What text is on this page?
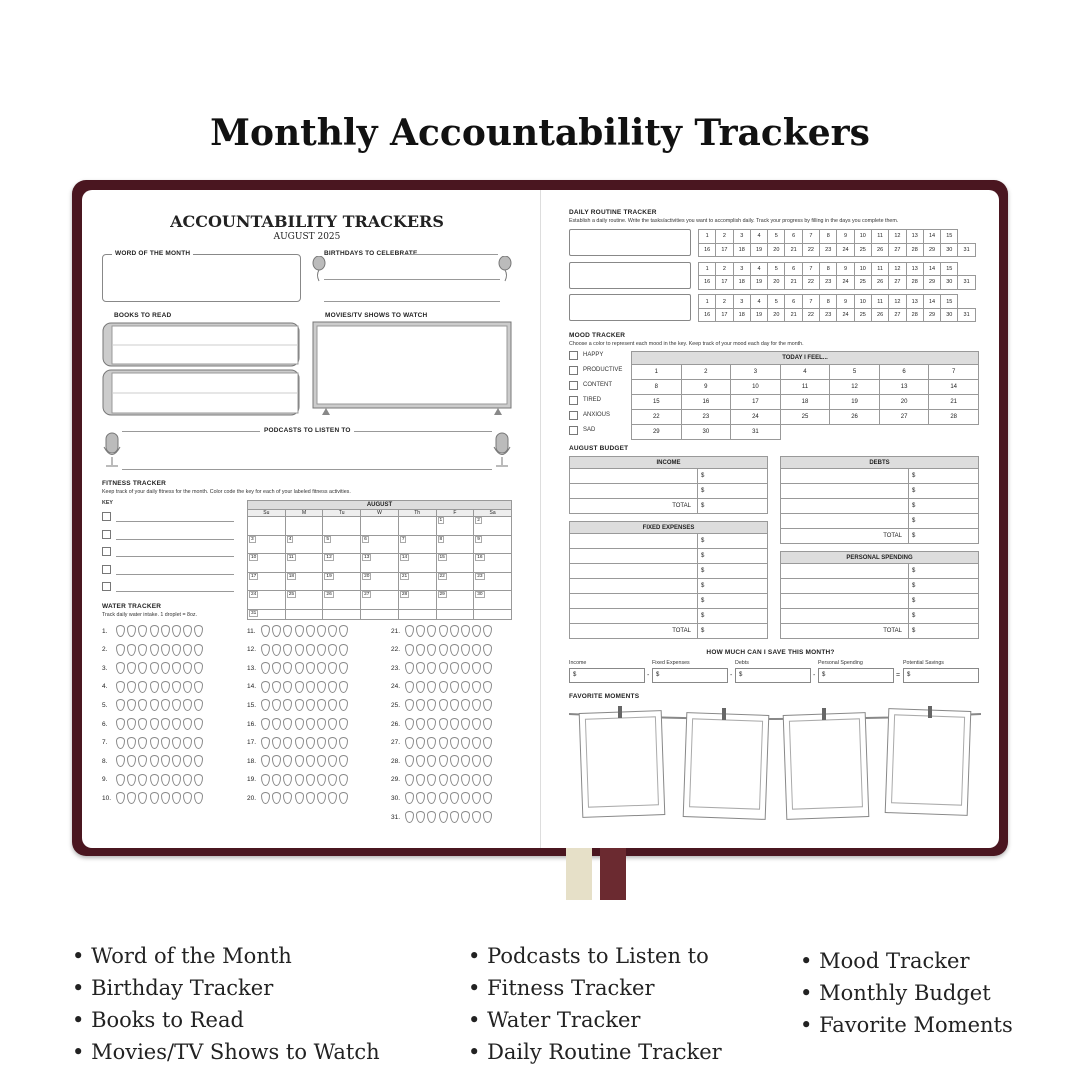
Monthly Accountability Trackers
ACCOUNTABILITY TRACKERS
AUGUST 2025
WORD OF THE MONTH	BIRTHDAYS TO CELEBRATE
BOOKS TO READ	MOVIES/TV SHOWS TO WATCH
PODCASTS TO LISTEN TO
FITNESS TRACKER
Keep track of your daily fitness for the month. Color code the key for each of your labeled fitness activities.
KEY	AUGUST						
Su	M	Tu	W	Th	F	Sa
					1	2
3	4	5	6	7	8	9
10	11	12	13	14	15	16
17	18	19	20	21	22	23
24	25	26	27	28	29	30
31						
WATER TRACKER
Track daily water intake. 1 droplet = 8oz.
1.
2.
3.
4.
5.
6.
7.
8.
9.
10.
11.
12.
13.
14.
15.
16.
17.
18.
19.
20.
21.
22.
23.
24.
25.
26.
27.
28.
29.
30.
31.
DAILY ROUTINE TRACKER
Establish a daily routine. Write the tasks/activities you want to accomplish daily. Track your progress by filling in the days you complete them.
1	2	3	4	5	6	7	8	9	10	11	12	13	14	15	
16	17	18	19	20	21	22	23	24	25	26	27	28	29	30	31
1	2	3	4	5	6	7	8	9	10	11	12	13	14	15	
16	17	18	19	20	21	22	23	24	25	26	27	28	29	30	31
1	2	3	4	5	6	7	8	9	10	11	12	13	14	15	
16	17	18	19	20	21	22	23	24	25	26	27	28	29	30	31
MOOD TRACKER
Choose a color to represent each mood in the key. Keep track of your mood each day for the month.
HAPPY
PRODUCTIVE
CONTENT
TIRED
ANXIOUS
SAD
TODAY I FEEL...						
1	2	3	4	5	6	7
8	9	10	11	12	13	14
15	16	17	18	19	20	21
22	23	24	25	26	27	28
29	30	31				
AUGUST BUDGET
INCOME	
	$
	$
TOTAL	$
DEBTS	
	$
	$
	$
	$
TOTAL	$
FIXED EXPENSES	
	$
	$
	$
	$
	$
	$
TOTAL	$
PERSONAL SPENDING	
	$
	$
	$
	$
TOTAL	$
HOW MUCH CAN I SAVE THIS MONTH?
Income
$	-
Fixed Expenses
$	-
Debts
$	-
Personal Spending
$	=
Potential Savings
$
FAVORITE MOMENTS
• Word of the Month
• Birthday Tracker
• Books to Read
• Movies/TV Shows to Watch
• Podcasts to Listen to
• Fitness Tracker
• Water Tracker
• Daily Routine Tracker
• Mood Tracker
• Monthly Budget
• Favorite Moments
